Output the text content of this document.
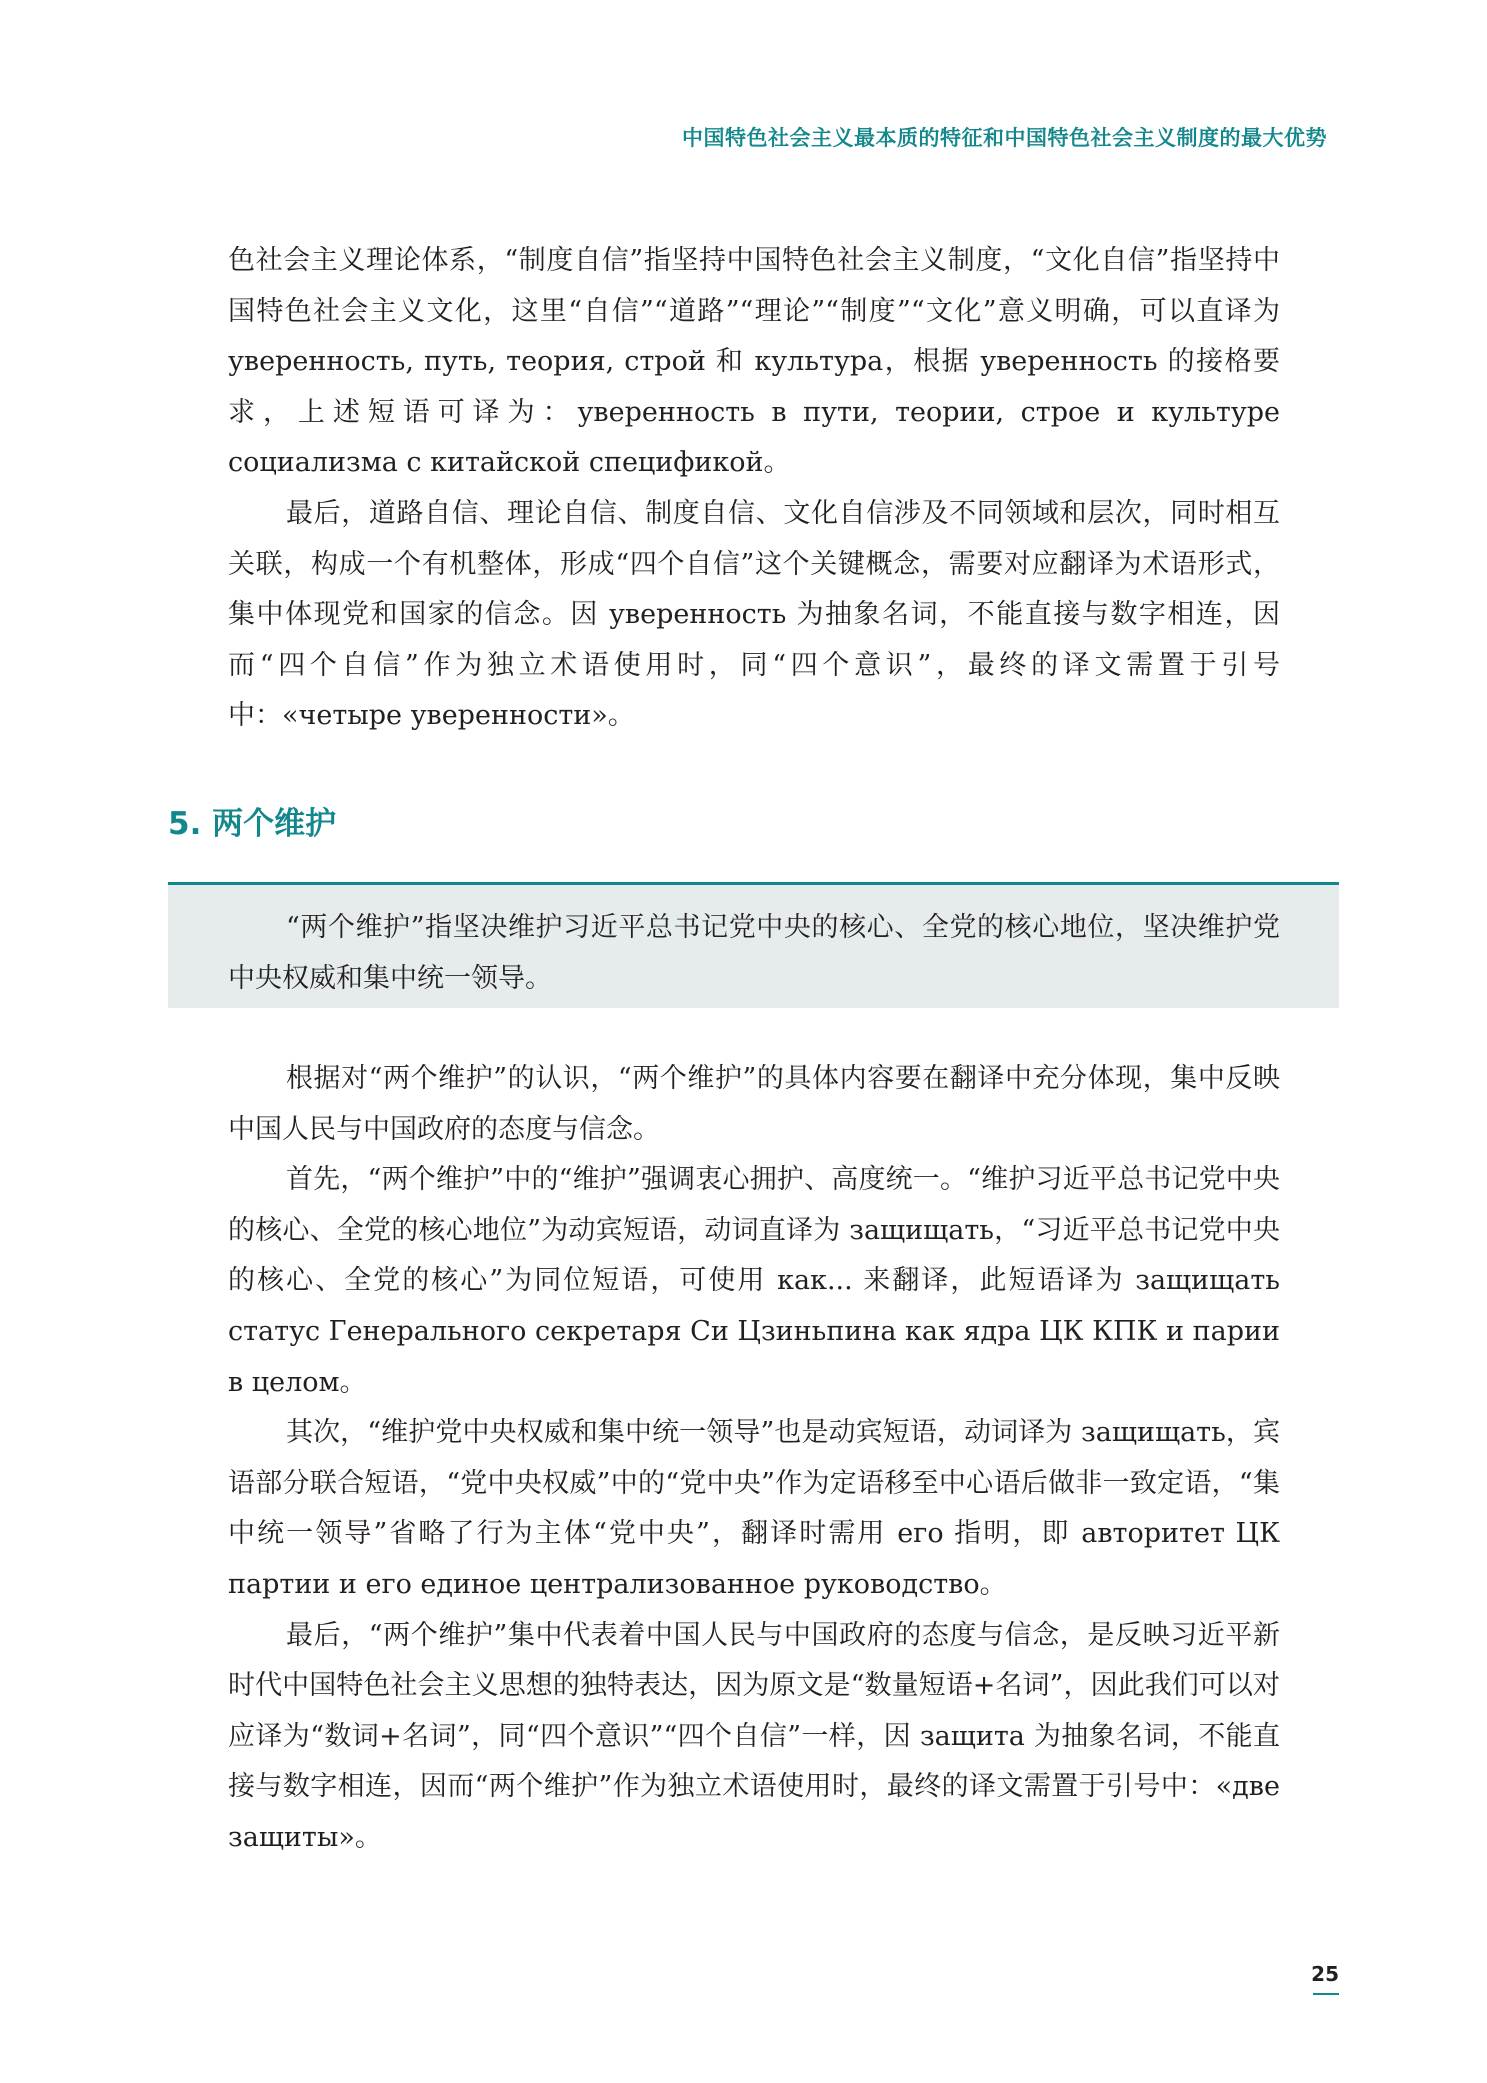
中国特色社会主义最本质的特征和中国特色社会主义制度的最大优势

色社会主义理论体系，“制度自信”指坚持中国特色社会主义制度，“文化自信”指坚持中国特色社会主义文化，这里“自信”“道路”“理论”“制度”“文化”意义明确，可以直译为 уверенность, путь, теория, строй 和 культура，根据 уверенность 的接格要求，上述短语可译为：уверенность в пути, теории, строе и культуре социализма с китайской спецификой。

最后，道路自信、理论自信、制度自信、文化自信涉及不同领域和层次，同时相互关联，构成一个有机整体，形成“四个自信”这个关键概念，需要对应翻译为术语形式，集中体现党和国家的信念。因 уверенность 为抽象名词，不能直接与数字相连，因而“四个自信”作为独立术语使用时，同“四个意识”，最终的译文需置于引号中：«четыре уверенности»。

5. 两个维护

“两个维护”指坚决维护习近平总书记党中央的核心、全党的核心地位，坚决维护党中央权威和集中统一领导。

根据对“两个维护”的认识，“两个维护”的具体内容要在翻译中充分体现，集中反映中国人民与中国政府的态度与信念。

首先，“两个维护”中的“维护”强调衷心拥护、高度统一。“维护习近平总书记党中央的核心、全党的核心地位”为动宾短语，动词直译为 защищать，“习近平总书记党中央的核心、全党的核心”为同位短语，可使用 как... 来翻译，此短语译为 защищать статус Генерального секретаря Си Цзиньпина как ядра ЦК КПК и парии в целом。

其次，“维护党中央权威和集中统一领导”也是动宾短语，动词译为 защищать，宾语部分联合短语，“党中央权威”中的“党中央”作为定语移至中心语后做非一致定语，“集中统一领导”省略了行为主体“党中央”，翻译时需用 его 指明，即 авторитет ЦК партии и его единое централизованное руководство。

最后，“两个维护”集中代表着中国人民与中国政府的态度与信念，是反映习近平新时代中国特色社会主义思想的独特表达，因为原文是“数量短语+名词”，因此我们可以对应译为“数词+名词”，同“四个意识”“四个自信”一样，因 защита 为抽象名词，不能直接与数字相连，因而“两个维护”作为独立术语使用时，最终的译文需置于引号中：«две защиты»。

25
